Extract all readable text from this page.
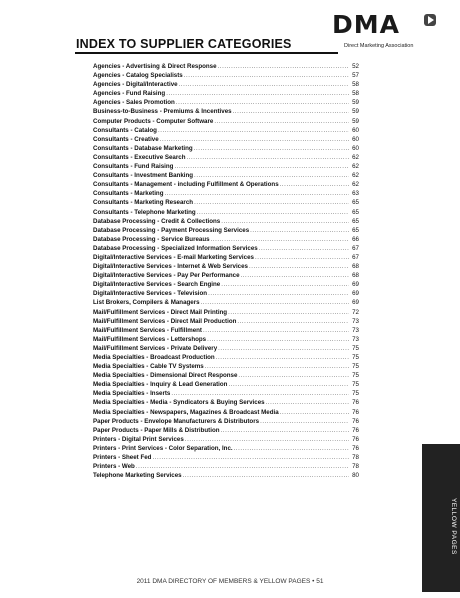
DMA
Direct Marketing Association
INDEX TO SUPPLIER CATEGORIES
Agencies - Advertising & Direct Response .....	52
Agencies - Catalog Specialists .....	57
Agencies - Digital/Interactive .....	58
Agencies - Fund Raising .....	58
Agencies - Sales Promotion .....	59
Business-to-Business - Premiums & Incentives .....	59
Computer Products - Computer Software .....	59
Consultants - Catalog .....	60
Consultants - Creative .....	60
Consultants - Database Marketing .....	60
Consultants - Executive Search .....	62
Consultants - Fund Raising .....	62
Consultants - Investment Banking .....	62
Consultants - Management - including Fulfillment & Operations .....	62
Consultants - Marketing .....	63
Consultants - Marketing Research .....	65
Consultants - Telephone Marketing .....	65
Database Processing - Credit & Collections .....	65
Database Processing - Payment Processing Services .....	65
Database Processing - Service Bureaus .....	66
Database Processing - Specialized Information Services .....	67
Digital/Interactive Services - E-mail Marketing Services .....	67
Digital/Interactive Services - Internet & Web Services .....	68
Digital/Interactive Services - Pay Per Performance .....	68
Digital/Interactive Services - Search Engine .....	69
Digital/Interactive Services - Television .....	69
List Brokers, Compilers & Managers .....	69
Mail/Fulfillment Services - Direct Mail Printing .....	72
Mail/Fulfillment Services - Direct Mail Production .....	73
Mail/Fulfillment Services - Fulfillment .....	73
Mail/Fulfillment Services - Lettershops .....	73
Mail/Fulfillment Services - Private Delivery .....	75
Media Specialties - Broadcast Production .....	75
Media Specialties - Cable TV Systems .....	75
Media Specialties - Dimensional Direct Response .....	75
Media Specialties - Inquiry & Lead Generation .....	75
Media Specialties - Inserts .....	75
Media Specialties - Media - Syndicators & Buying Services .....	76
Media Specialties - Newspapers, Magazines & Broadcast Media .....	76
Paper Products - Envelope Manufacturers & Distributors .....	76
Paper Products - Paper Mills & Distribution .....	76
Printers - Digital Print Services .....	76
Printers - Print Services - Color Separation, Inc. .....	76
Printers - Sheet Fed .....	78
Printers - Web .....	78
Telephone Marketing Services .....	80
YELLOW PAGES
2011 DMA DIRECTORY OF MEMBERS & YELLOW PAGES • 51
